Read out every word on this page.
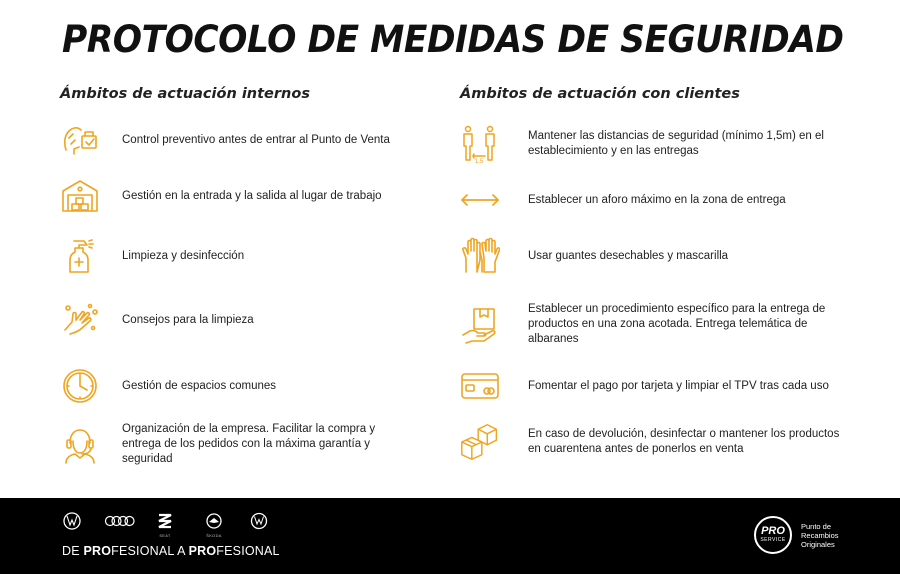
PROTOCOLO DE MEDIDAS DE SEGURIDAD
Ámbitos de actuación internos
Control preventivo antes de entrar al Punto de Venta
Gestión en la entrada y la salida al lugar de trabajo
Limpieza y desinfección
Consejos para la limpieza
Gestión de espacios comunes
Organización de la empresa. Facilitar la compra y entrega de los pedidos con la máxima garantía y seguridad
Ámbitos de actuación con clientes
1,5
Mantener las distancias de seguridad (mínimo 1,5m) en el establecimiento y en las entregas
Establecer un aforo máximo en la zona de entrega
Usar guantes desechables y mascarilla
Establecer un procedimiento específico para la entrega de productos en una zona acotada. Entrega telemática de albaranes
Fomentar el pago por tarjeta y limpiar el TPV tras cada uso
En caso de devolución, desinfectar o mantener los productos en cuarentena antes de ponerlos en venta
SEAT	ŠKODA
DE PROFESIONAL A PROFESIONAL
PRO
SERVICE
Punto de
Recambios
Originales
